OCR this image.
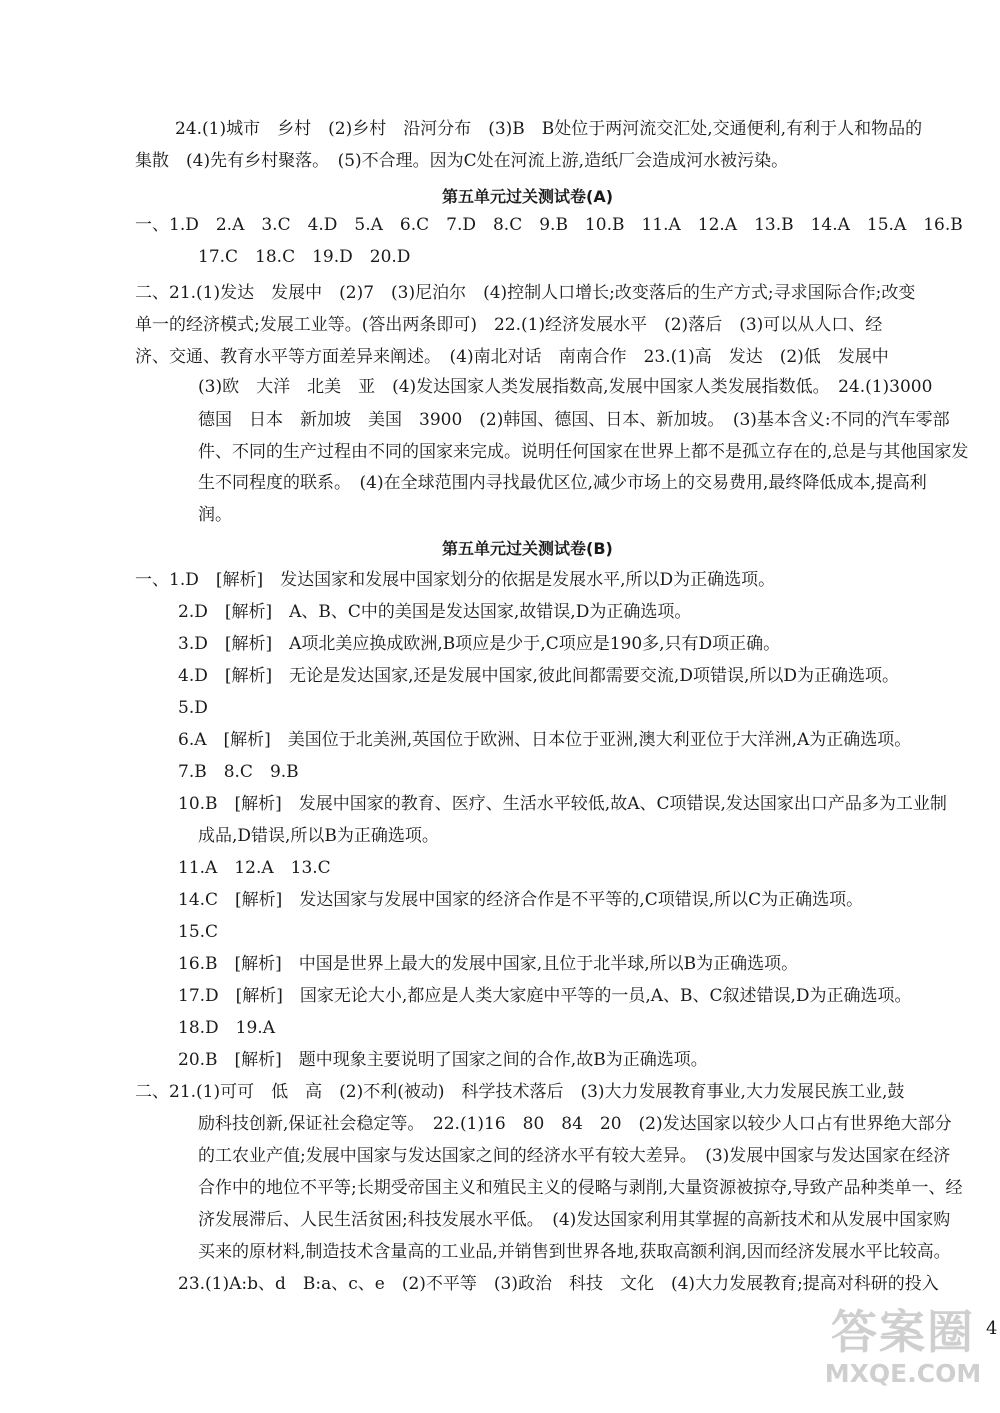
24.(1)城市　乡村　(2)乡村　沿河分布　(3)B　B处位于两河流交汇处,交通便利,有利于人和物品的
集散　(4)先有乡村聚落。　(5)不合理。因为C处在河流上游,造纸厂会造成河水被污染。
第五单元过关测试卷(A)
一、1.D　2.A　3.C　4.D　5.A　6.C　7.D　8.C　9.B　10.B　11.A　12.A　13.B　14.A　15.A　16.B
17.C　18.C　19.D　20.D
二、21.(1)发达　发展中　(2)7　(3)尼泊尔　(4)控制人口增长;改变落后的生产方式;寻求国际合作;改变
单一的经济模式;发展工业等。(答出两条即可)　22.(1)经济发展水平　(2)落后　(3)可以从人口、经
济、交通、教育水平等方面差异来阐述。　(4)南北对话　南南合作　23.(1)高　发达　(2)低　发展中
(3)欧　大洋　北美　亚　(4)发达国家人类发展指数高,发展中国家人类发展指数低。　24.(1)3000
德国　日本　新加坡　美国　3900　(2)韩国、德国、日本、新加坡。　(3)基本含义:不同的汽车零部
件、不同的生产过程由不同的国家来完成。说明任何国家在世界上都不是孤立存在的,总是与其他国家发
生不同程度的联系。　(4)在全球范围内寻找最优区位,减少市场上的交易费用,最终降低成本,提高利
润。
第五单元过关测试卷(B)
一、1.D　[解析]　发达国家和发展中国家划分的依据是发展水平,所以D为正确选项。
2.D　[解析]　A、B、C中的美国是发达国家,故错误,D为正确选项。
3.D　[解析]　A项北美应换成欧洲,B项应是少于,C项应是190多,只有D项正确。
4.D　[解析]　无论是发达国家,还是发展中国家,彼此间都需要交流,D项错误,所以D为正确选项。
5.D
6.A　[解析]　美国位于北美洲,英国位于欧洲、日本位于亚洲,澳大利亚位于大洋洲,A为正确选项。
7.B　8.C　9.B
10.B　[解析]　发展中国家的教育、医疗、生活水平较低,故A、C项错误,发达国家出口产品多为工业制
成品,D错误,所以B为正确选项。
11.A　12.A　13.C
14.C　[解析]　发达国家与发展中国家的经济合作是不平等的,C项错误,所以C为正确选项。
15.C
16.B　[解析]　中国是世界上最大的发展中国家,且位于北半球,所以B为正确选项。
17.D　[解析]　国家无论大小,都应是人类大家庭中平等的一员,A、B、C叙述错误,D为正确选项。
18.D　19.A
20.B　[解析]　题中现象主要说明了国家之间的合作,故B为正确选项。
二、21.(1)可可　低　高　(2)不利(被动)　科学技术落后　(3)大力发展教育事业,大力发展民族工业,鼓
励科技创新,保证社会稳定等。　22.(1)16　80　84　20　(2)发达国家以较少人口占有世界绝大部分
的工农业产值;发展中国家与发达国家之间的经济水平有较大差异。　(3)发展中国家与发达国家在经济
合作中的地位不平等;长期受帝国主义和殖民主义的侵略与剥削,大量资源被掠夺,导致产品种类单一、经
济发展滞后、人民生活贫困;科技发展水平低。　(4)发达国家利用其掌握的高新技术和从发展中国家购
买来的原材料,制造技术含量高的工业品,并销售到世界各地,获取高额利润,因而经济发展水平比较高。
23.(1)A:b、d　B:a、c、e　(2)不平等　(3)政治　科技　文化　(4)大力发展教育;提高对科研的投入
4
答案圈
MXQE.COM
